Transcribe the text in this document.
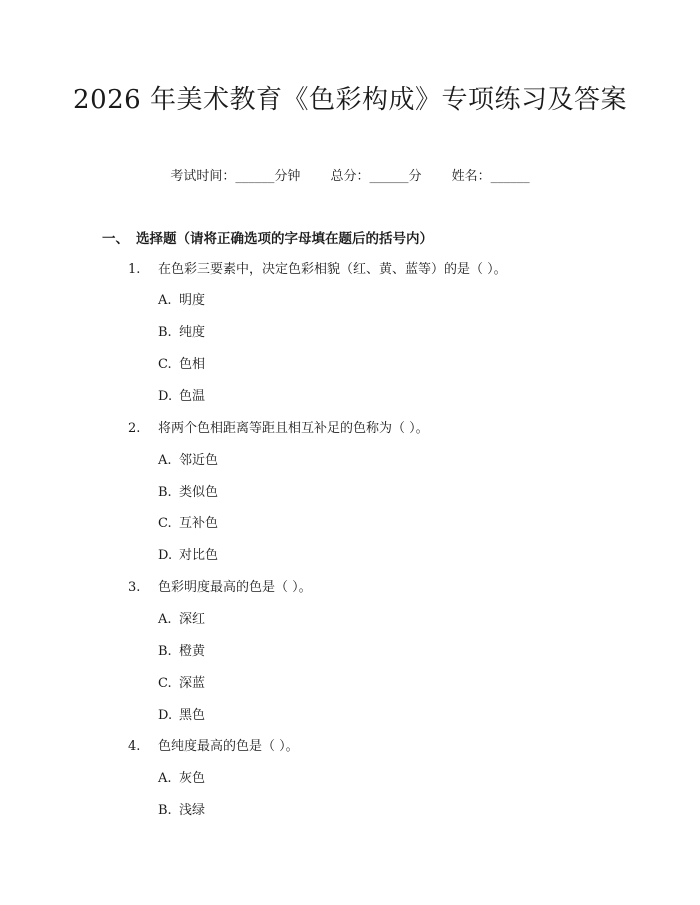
2026 年美术教育《色彩构成》专项练习及答案
考试时间：______分钟 总分：______分 姓名：______
一、 选择题（请将正确选项的字母填在题后的括号内）
1. 在色彩三要素中，决定色彩相貌（红、黄、蓝等）的是（ ）。
A. 明度
B. 纯度
C. 色相
D. 色温
2. 将两个色相距离等距且相互补足的色称为（ ）。
A. 邻近色
B. 类似色
C. 互补色
D. 对比色
3. 色彩明度最高的色是（ ）。
A. 深红
B. 橙黄
C. 深蓝
D. 黑色
4. 色纯度最高的色是（ ）。
A. 灰色
B. 浅绿
